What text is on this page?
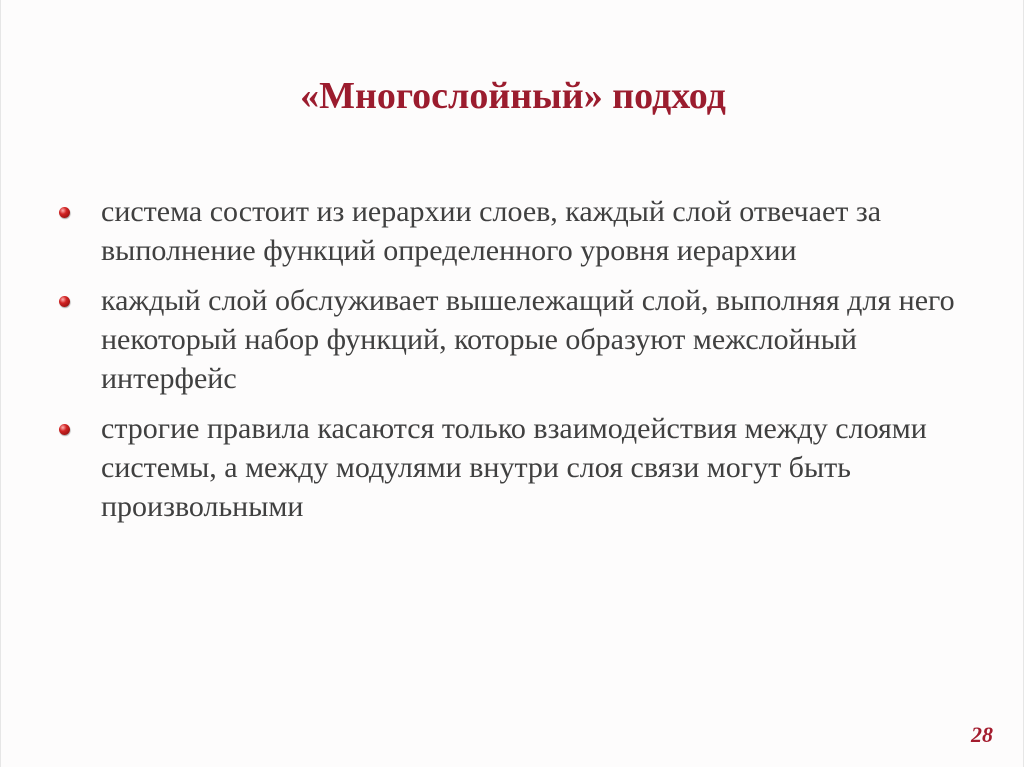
«Многослойный» подход
система состоит из иерархии слоев, каждый слой отвечает за выполнение функций определенного уровня иерархии
каждый слой обслуживает вышележащий слой, выполняя для него некоторый набор функций, которые образуют межслойный интерфейс
строгие правила касаются только взаимодействия между слоями системы, а между модулями внутри слоя связи могут быть произвольными
28
